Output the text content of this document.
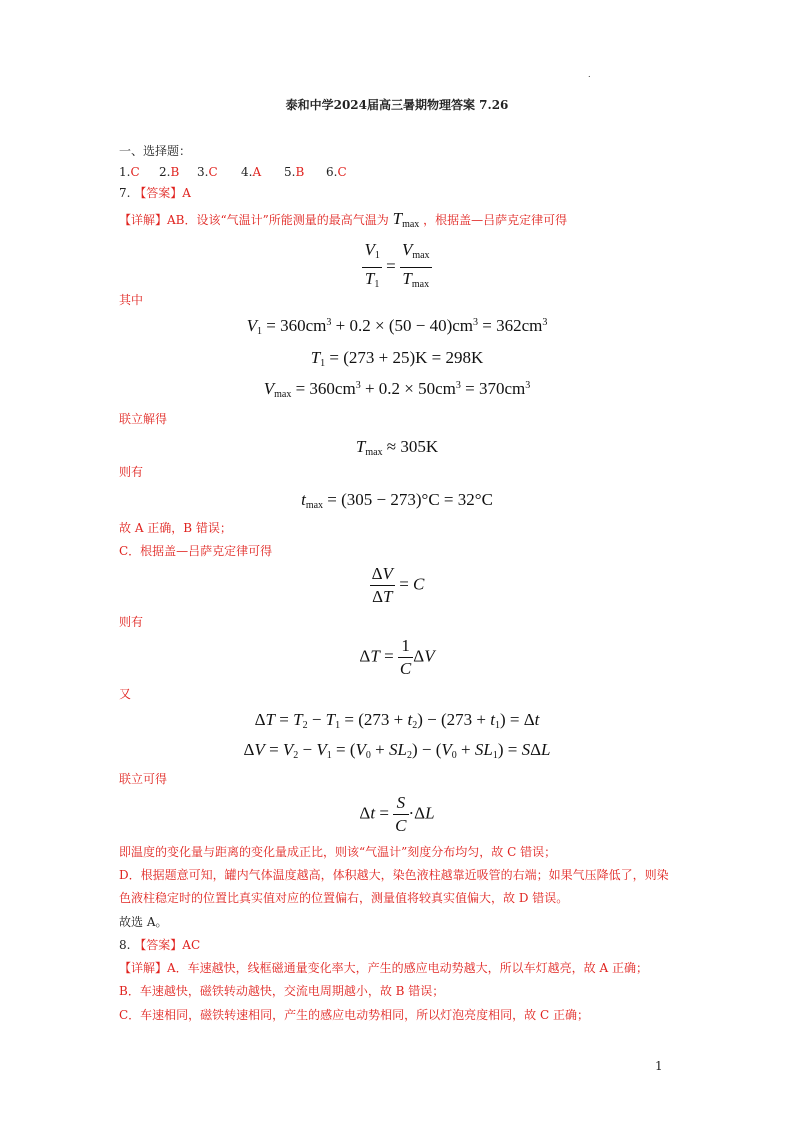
.
泰和中学2024届高三暑期物理答案 7.26
一、选择题：
1.C 2.B 3.C 4.A 5.B 6.C
7. 【答案】A
【详解】AB．设该“气温计”所能测量的最高气温为 $T_{max}$ ，根据盖—吕萨克定律可得
$\frac{V_1}{T_1} = \frac{V_{max}}{T_{max}}$
其中
$V_1 = 360cm^3 + 0.2 \times (50 - 40)cm^3 = 362cm^3$
$T_1 = (273 + 25)K = 298K$
$V_{max} = 360cm^3 + 0.2 \times 50cm^3 = 370cm^3$
联立解得
$T_{max} \approx 305K$
则有
$t_{max} = (305 - 273)^\circ C = 32^\circ C$
故 A 正确，B 错误；
C．根据盖—吕萨克定律可得
$\frac{\Delta V}{\Delta T} = C$
则有
$\Delta T = \frac{1}{C}$ ΔV
又
$\Delta T = T_2 - T_1 = (273 + t_2) - (273 + t_1) = \Delta t$
$\Delta V = V_2 - V_1 = (V_0 + SL_2) - (V_0 + SL_1) = S\Delta L$
联立可得
$\Delta t = \frac{S}{C} \cdot\Delta L$
即温度的变化量与距离的变化量成正比，则该“气温计”刻度分布均匀，故 C 错误；
D．根据题意可知，罐内气体温度越高，体积越大，染色液柱越靠近吸管的右端；如果气压降低了，则染
色液柱稳定时的位置比真实值对应的位置偏右，测量值将较真实值偏大，故 D 错误。
故选 A。
8. 【答案】AC
【详解】A．车速越快，线框磁通量变化率大，产生的感应电动势越大，所以车灯越亮，故 A 正确；
B．车速越快，磁铁转动越快，交流电周期越小，故 B 错误；
C．车速相同，磁铁转速相同，产生的感应电动势相同，所以灯泡亮度相同，故 C 正确；
1
